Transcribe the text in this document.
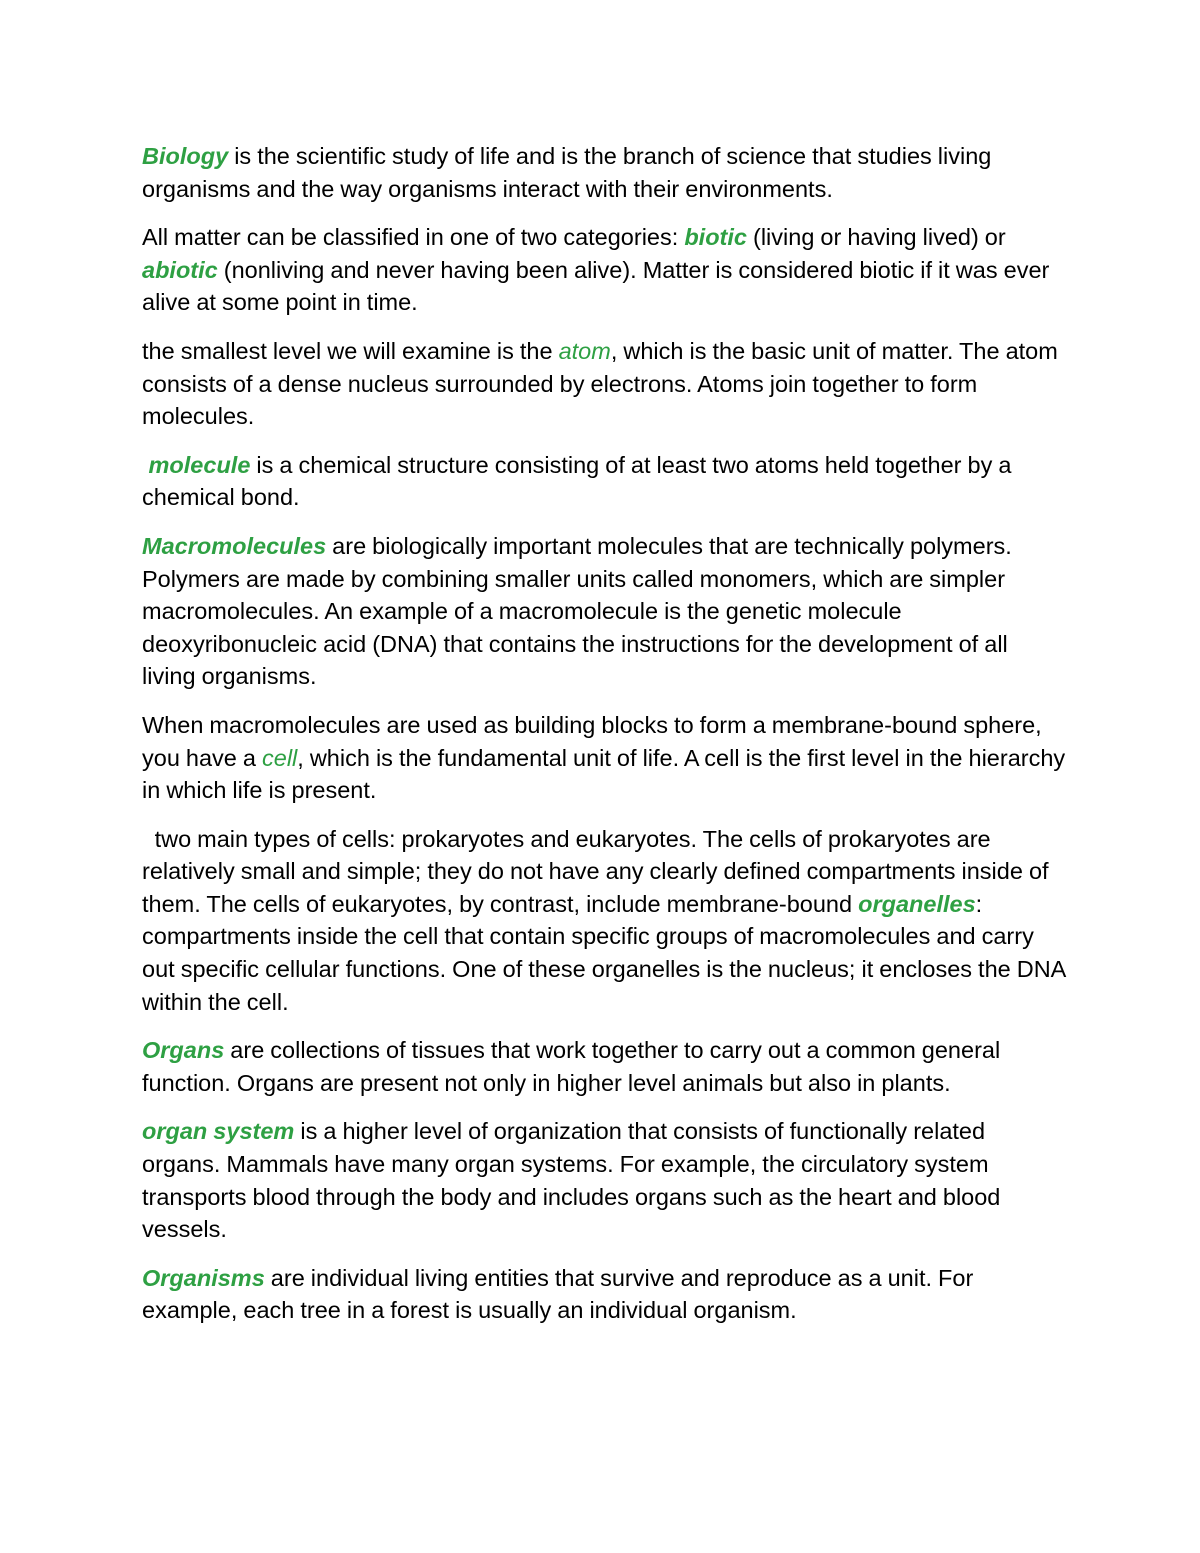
Biology is the scientific study of life and is the branch of science that studies living organisms and the way organisms interact with their environments.

All matter can be classified in one of two categories: biotic (living or having lived) or abiotic (nonliving and never having been alive). Matter is considered biotic if it was ever alive at some point in time.

the smallest level we will examine is the atom, which is the basic unit of matter. The atom consists of a dense nucleus surrounded by electrons. Atoms join together to form molecules.

molecule is a chemical structure consisting of at least two atoms held together by a chemical bond.

Macromolecules are biologically important molecules that are technically polymers. Polymers are made by combining smaller units called monomers, which are simpler macromolecules. An example of a macromolecule is the genetic molecule deoxyribonucleic acid (DNA) that contains the instructions for the development of all living organisms.

When macromolecules are used as building blocks to form a membrane-bound sphere, you have a cell, which is the fundamental unit of life. A cell is the first level in the hierarchy in which life is present.

two main types of cells: prokaryotes and eukaryotes. The cells of prokaryotes are relatively small and simple; they do not have any clearly defined compartments inside of them. The cells of eukaryotes, by contrast, include membrane-bound organelles: compartments inside the cell that contain specific groups of macromolecules and carry out specific cellular functions. One of these organelles is the nucleus; it encloses the DNA within the cell.

Organs are collections of tissues that work together to carry out a common general function. Organs are present not only in higher level animals but also in plants.

organ system is a higher level of organization that consists of functionally related organs. Mammals have many organ systems. For example, the circulatory system transports blood through the body and includes organs such as the heart and blood vessels.

Organisms are individual living entities that survive and reproduce as a unit. For example, each tree in a forest is usually an individual organism.
